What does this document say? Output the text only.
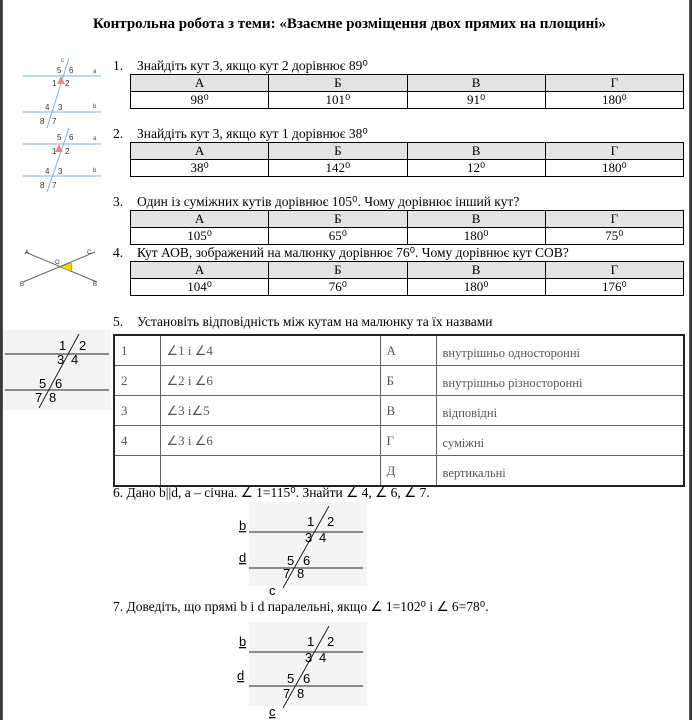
Контрольна робота з теми: «Взаємне розміщення двох прямих на площині»
c
a
b
5 6
1 2
4 3
8 7
1. Знайдіть кут 3, якщо кут 2 дорівнює 89⁰
А	Б	В	Г
98⁰	101⁰	91⁰	180⁰
5 6	a
1 2
4 3	b
8 7
2. Знайдіть кут 3, якщо кут 1 дорівнює 38⁰
А	Б	В	Г
38⁰	142⁰	12⁰	180⁰
3. Один із суміжних кутів дорівнює 105⁰. Чому дорівнює інший кут?
А	Б	В	Г
105⁰	65⁰	180⁰	75⁰
A	C
O
B	B
4. Кут АОВ, зображений на малюнку дорівнює 76⁰. Чому дорівнює кут СОВ?
А	Б	В	Г
104⁰	76⁰	180⁰	176⁰
5. Установіть відповідність між кутам на малюнку та їх назвами
1 2
3 4
5 6
7 8
1	∠1 і ∠4	А	внутрішньо односторонні
2	∠2 і ∠6	Б	внутрішньо різносторонні
3	∠3 і∠5	В	відповідні
4	∠3 і ∠6	Г	суміжні
		Д	вертикальні
6. Дано b||d, a – січна. ∠ 1=115⁰. Знайти ∠ 4, ∠ 6, ∠ 7.
b
d
1 2
3 4
5 6
7 8
c
7. Доведіть, що прямі b і d паралельні, якщо ∠ 1=102⁰ і ∠ 6=78⁰.
b
d
1 2
3 4
5 6
7 8
c
